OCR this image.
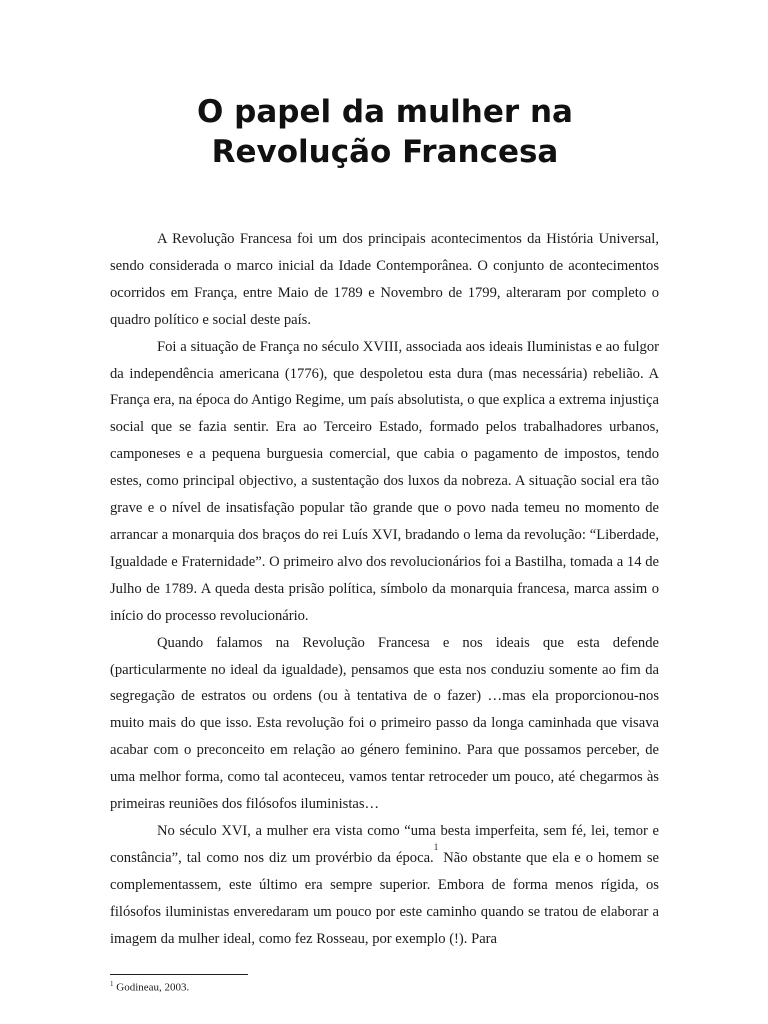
O papel da mulher na
Revolução Francesa

A Revolução Francesa foi um dos principais acontecimentos da História Universal, sendo considerada o marco inicial da Idade Contemporânea. O conjunto de acontecimentos ocorridos em França, entre Maio de 1789 e Novembro de 1799, alteraram por completo o quadro político e social deste país.

Foi a situação de França no século XVIII, associada aos ideais Iluministas e ao fulgor da independência americana (1776), que despoletou esta dura (mas necessária) rebelião. A França era, na época do Antigo Regime, um país absolutista, o que explica a extrema injustiça social que se fazia sentir. Era ao Terceiro Estado, formado pelos trabalhadores urbanos, camponeses e a pequena burguesia comercial, que cabia o pagamento de impostos, tendo estes, como principal objectivo, a sustentação dos luxos da nobreza. A situação social era tão grave e o nível de insatisfação popular tão grande que o povo nada temeu no momento de arrancar a monarquia dos braços do rei Luís XVI, bradando o lema da revolução: “Liberdade, Igualdade e Fraternidade”. O primeiro alvo dos revolucionários foi a Bastilha, tomada a 14 de Julho de 1789. A queda desta prisão política, símbolo da monarquia francesa, marca assim o início do processo revolucionário.

Quando falamos na Revolução Francesa e nos ideais que esta defende (particularmente no ideal da igualdade), pensamos que esta nos conduziu somente ao fim da segregação de estratos ou ordens (ou à tentativa de o fazer) …mas ela proporcionou-nos muito mais do que isso. Esta revolução foi o primeiro passo da longa caminhada que visava acabar com o preconceito em relação ao género feminino. Para que possamos perceber, de uma melhor forma, como tal aconteceu, vamos tentar retroceder um pouco, até chegarmos às primeiras reuniões dos filósofos iluministas…

No século XVI, a mulher era vista como “uma besta imperfeita, sem fé, lei, temor e constância”, tal como nos diz um provérbio da época.$^1$ Não obstante que ela e o homem se complementassem, este último era sempre superior. Embora de forma menos rígida, os filósofos iluministas enveredaram um pouco por este caminho quando se tratou de elaborar a imagem da mulher ideal, como fez Rosseau, por exemplo (!). Para

$^1$ Godineau, 2003.
